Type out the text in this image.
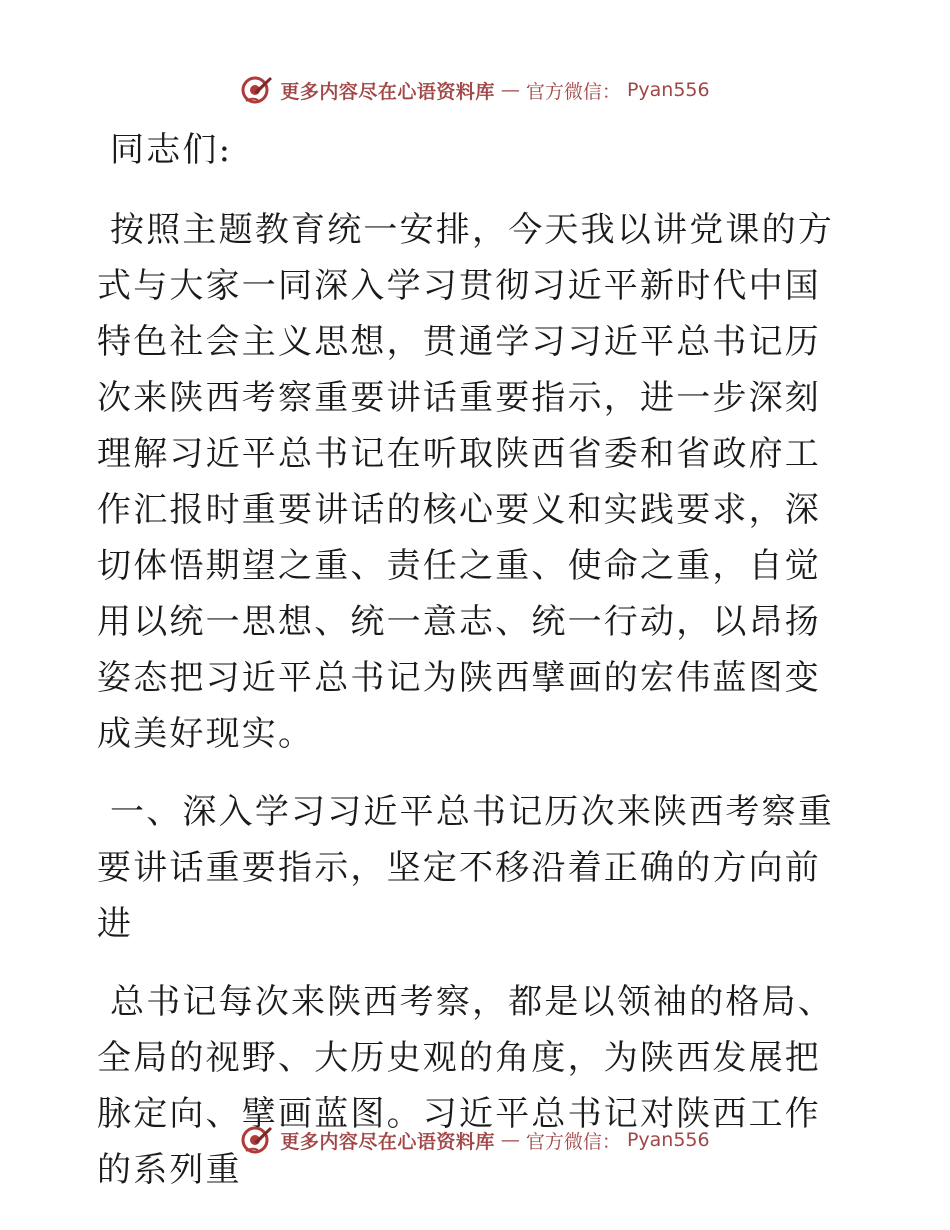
更多内容尽在心语资料库 — 官方微信： Pyan556

同志们:

按照主题教育统一安排，今天我以讲党课的方式与大家一同深入学习贯彻习近平新时代中国特色社会主义思想，贯通学习习近平总书记历次来陕西考察重要讲话重要指示，进一步深刻理解习近平总书记在听取陕西省委和省政府工作汇报时重要讲话的核心要义和实践要求，深切体悟期望之重、责任之重、使命之重，自觉用以统一思想、统一意志、统一行动，以昂扬姿态把习近平总书记为陕西擘画的宏伟蓝图变成美好现实。

一、深入学习习近平总书记历次来陕西考察重要讲话重要指示，坚定不移沿着正确的方向前进

总书记每次来陕西考察，都是以领袖的格局、全局的视野、大历史观的角度，为陕西发展把脉定向、擘画蓝图。习近平总书记对陕西工作的系列重

更多内容尽在心语资料库 — 官方微信： Pyan556
